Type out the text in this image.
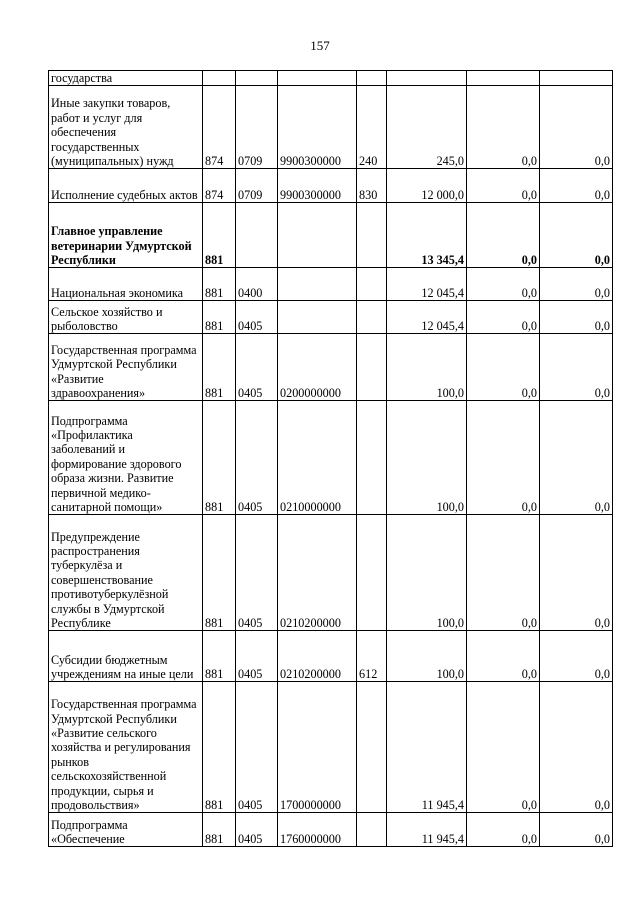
157
государства							
Иные закупки товаров, работ и услуг для обеспечения государственных (муниципальных) нужд	874	0709	9900300000	240	245,0	0,0	0,0
Исполнение судебных актов	874	0709	9900300000	830	12 000,0	0,0	0,0
Главное управление ветеринарии Удмуртской Республики	881				13 345,4	0,0	0,0
Национальная экономика	881	0400			12 045,4	0,0	0,0
Сельское хозяйство и рыболовство	881	0405			12 045,4	0,0	0,0
Государственная программа Удмуртской Республики «Развитие здравоохранения»	881	0405	0200000000		100,0	0,0	0,0
Подпрограмма «Профилактика заболеваний и формирование здорового образа жизни. Развитие первичной медико-санитарной помощи»	881	0405	0210000000		100,0	0,0	0,0
Предупреждение распространения туберкулёза и совершенствование противотуберкулёзной службы в Удмуртской Республике	881	0405	0210200000		100,0	0,0	0,0
Субсидии бюджетным учреждениям на иные цели	881	0405	0210200000	612	100,0	0,0	0,0
Государственная программа Удмуртской Республики «Развитие сельского хозяйства и регулирования рынков сельскохозяйственной продукции, сырья и продовольствия»	881	0405	1700000000		11 945,4	0,0	0,0
Подпрограмма «Обеспечение	881	0405	1760000000		11 945,4	0,0	0,0
